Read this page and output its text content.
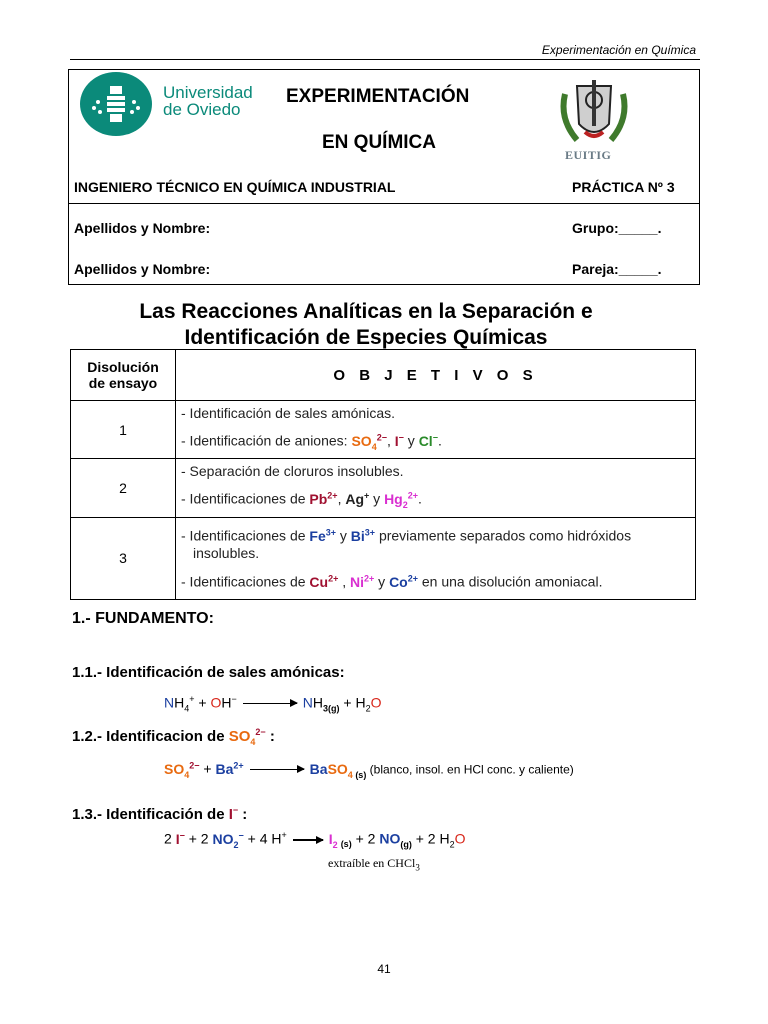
Experimentación en Química
Universidad
de Oviedo
EXPERIMENTACIÓN
EN QUÍMICA
EUITIG
INGENIERO TÉCNICO EN QUÍMICA INDUSTRIAL	PRÁCTICA Nº 3
Apellidos y Nombre:	Grupo:_____.
Apellidos y Nombre:	Pareja:_____.
Las Reacciones Analíticas en la Separación e
Identificación de Especies Químicas
Disolución
de ensayo	O B J E T I V O S
1	- Identificación de sales amónicas.
- Identificación de aniones: $SO_4^{2-}$, I− y Cl−.

2	- Separación de cloruros insolubles.
- Identificaciones de $Pb^{2+}$, Ag+ y $Hg_2^{2+}$.

3	- Identificaciones de $Fe^{3+}$ y $Bi^{3+}$ previamente separados como hidróxidos
insolubles.
- Identificaciones de $Cu^{2+}$ , $Ni^{2+}$ y $Co^{2+}$ en una disolución amoniacal.
1.- FUNDAMENTO:
1.1.- Identificación de sales amónicas:
$NH_4^+ + OH^- \to NH_{3(g)} + H_2O$
1.2.- Identificacion de $SO_4^{2-}$ :
$SO_4^{2-} + Ba^{2+}$ → BaSO$_4$ $_{(s)}$ (blanco, insol. en HCl conc. y caliente)
1.3.- Identificación de I− :
2 I− + 2 $NO_2^- + 4$ $H^+ \to I_2$ $_{(s)}$ + 2 $NO_{(g)} + 2$ $H_2O$
extraíble en CHCl$_3$
41
